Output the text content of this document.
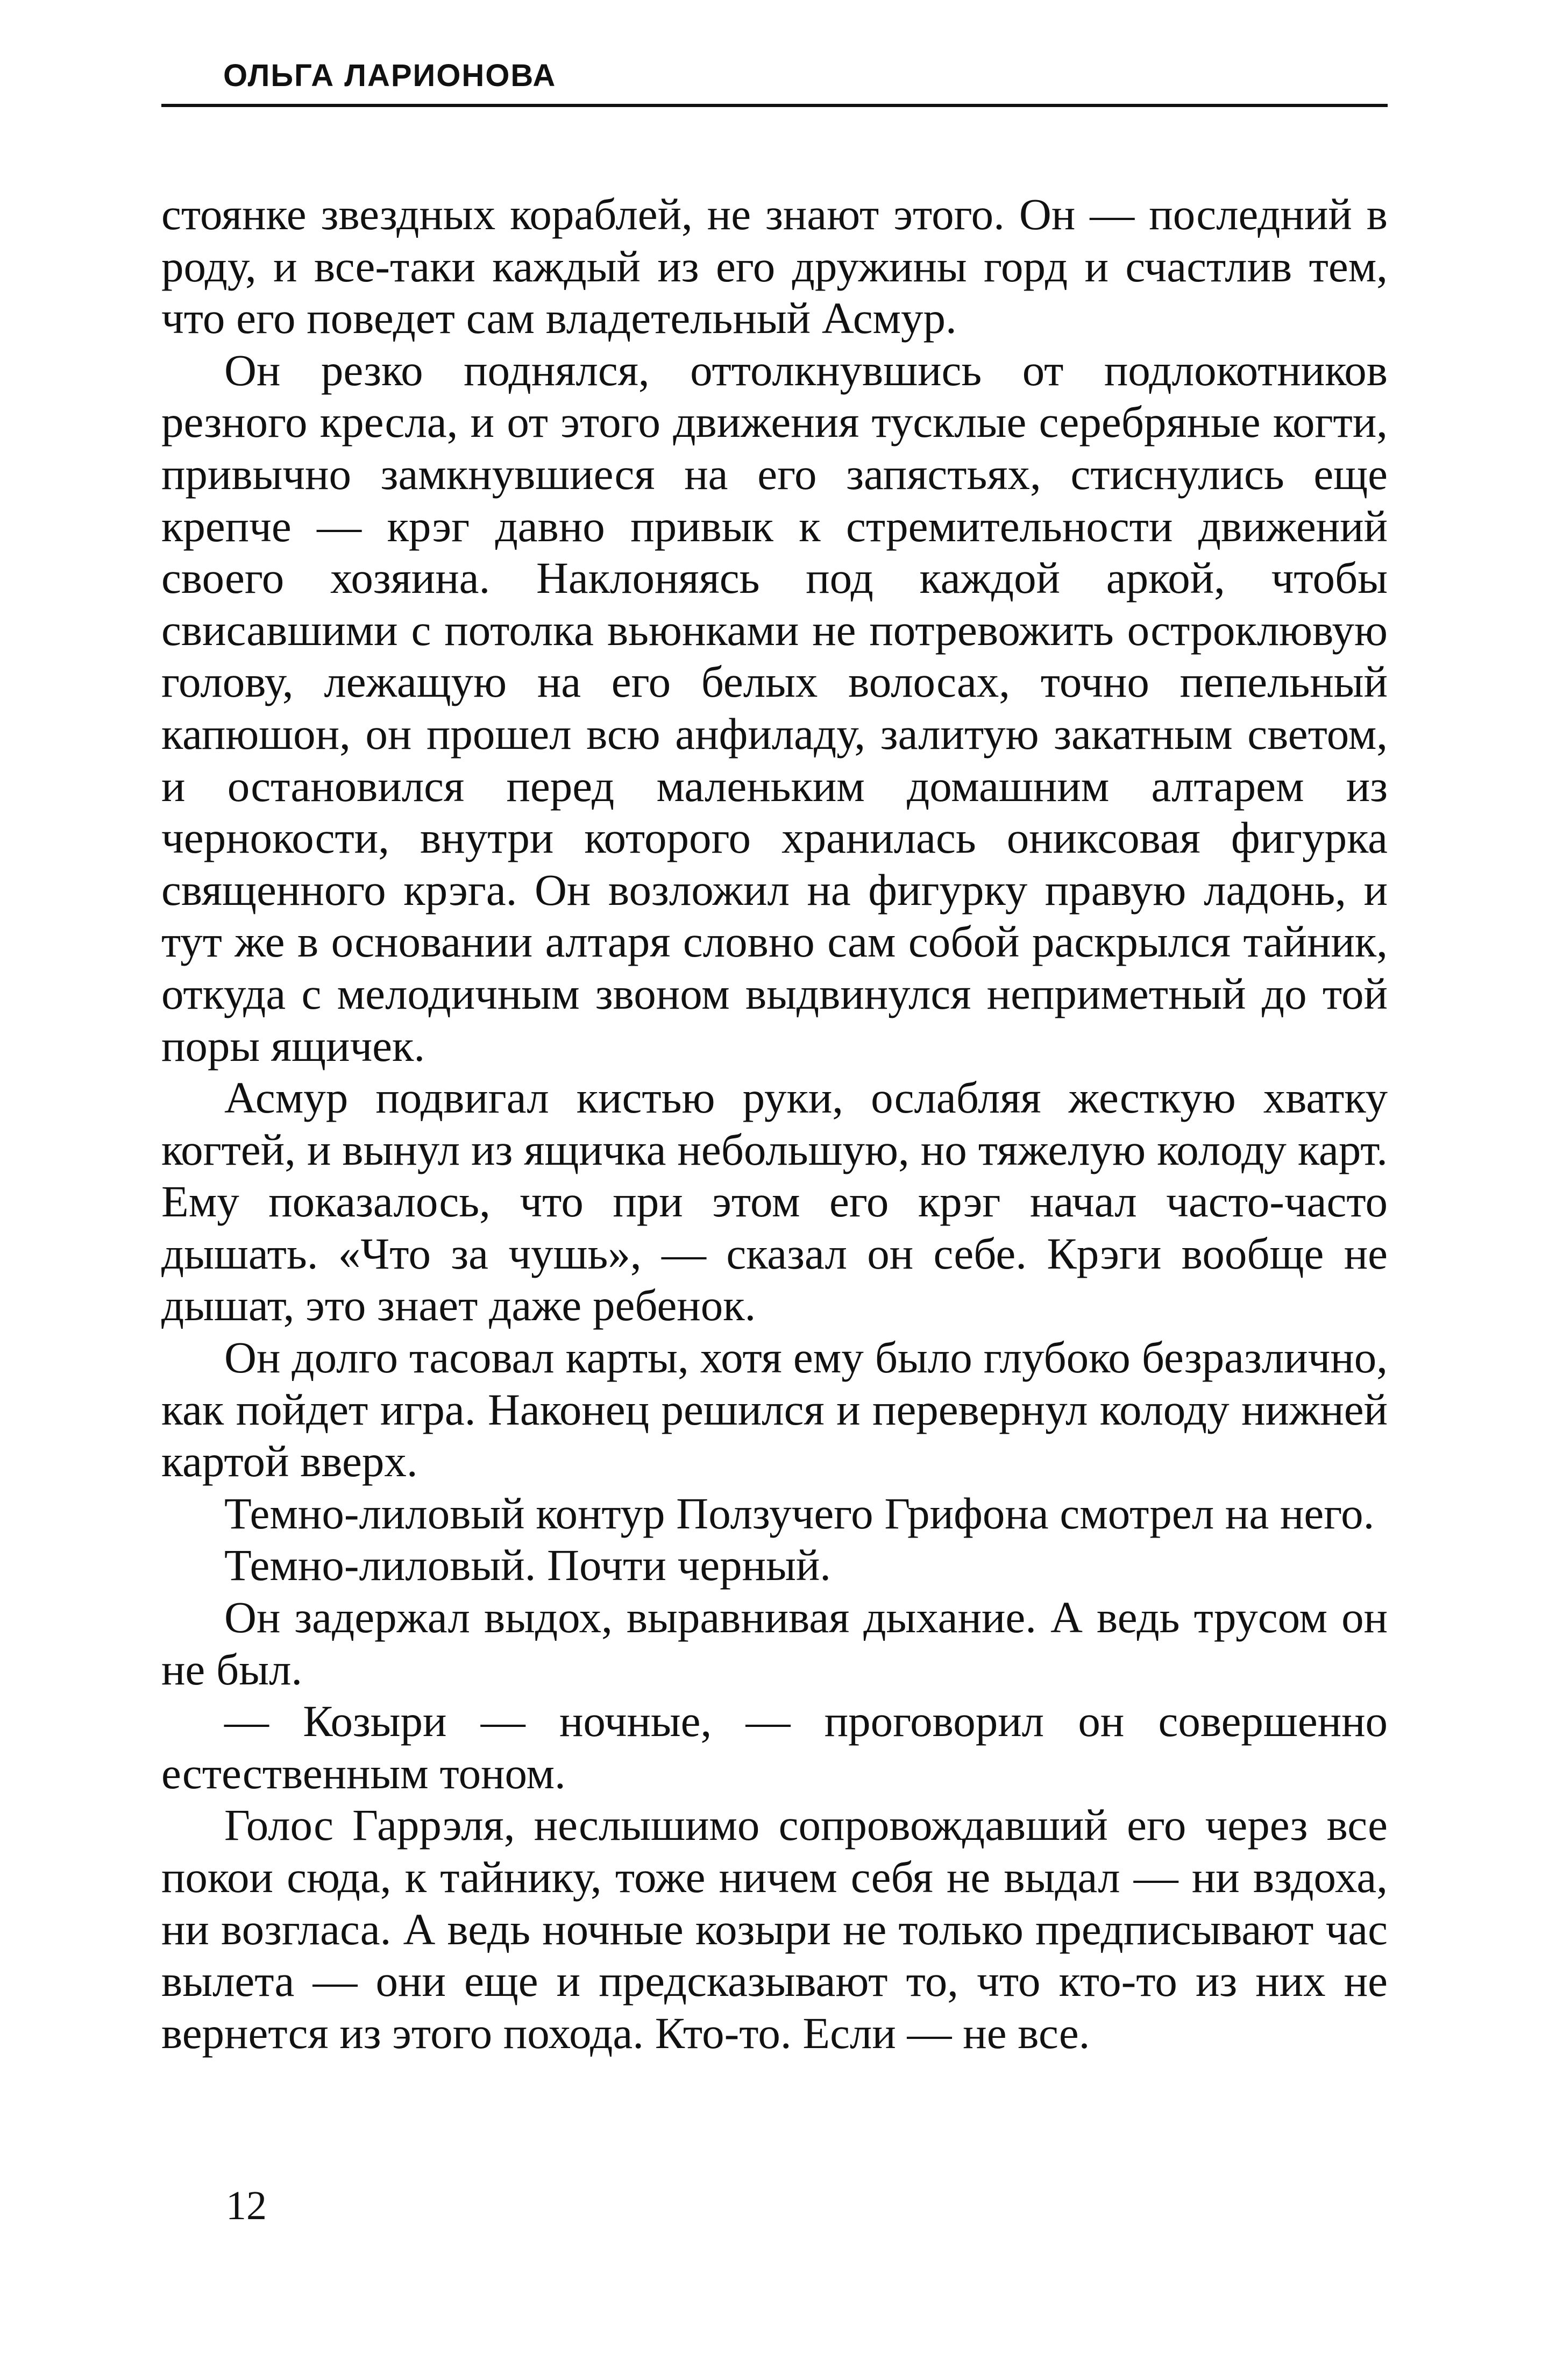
ОЛЬГА ЛАРИОНОВА

стоянке звездных кораблей, не знают этого. Он — последний в роду, и все-таки каждый из его дружины горд и счастлив тем, что его поведет сам владетельный Асмур.

Он резко поднялся, оттолкнувшись от подлокотников резного кресла, и от этого движения тусклые серебряные когти, привычно замкнувшиеся на его запястьях, стиснулись еще крепче — крэг давно привык к стремительности движений своего хозяина. Наклоняясь под каждой аркой, чтобы свисавшими с потолка вьюнками не потревожить остроклювую голову, лежащую на его белых волосах, точно пепельный капюшон, он прошел всю анфиладу, залитую закатным светом, и остановился перед маленьким домашним алтарем из чернокости, внутри которого хранилась ониксовая фигурка священного крэга. Он возложил на фигурку правую ладонь, и тут же в основании алтаря словно сам собой раскрылся тайник, откуда с мелодичным звоном выдвинулся неприметный до той поры ящичек.

Асмур подвигал кистью руки, ослабляя жесткую хватку когтей, и вынул из ящичка небольшую, но тяжелую колоду карт. Ему показалось, что при этом его крэг начал часто-часто дышать. «Что за чушь», — сказал он себе. Крэги вообще не дышат, это знает даже ребенок.

Он долго тасовал карты, хотя ему было глубоко безразлично, как пойдет игра. Наконец решился и перевернул колоду нижней картой вверх.

Темно-лиловый контур Ползучего Грифона смотрел на него.

Темно-лиловый. Почти черный.

Он задержал выдох, выравнивая дыхание. А ведь трусом он не был.

— Козыри — ночные, — проговорил он совершенно естественным тоном.

Голос Гаррэля, неслышимо сопровождавший его через все покои сюда, к тайнику, тоже ничем себя не выдал — ни вздоха, ни возгласа. А ведь ночные козыри не только предписывают час вылета — они еще и предсказывают то, что кто-то из них не вернется из этого похода. Кто-то. Если — не все.

12
